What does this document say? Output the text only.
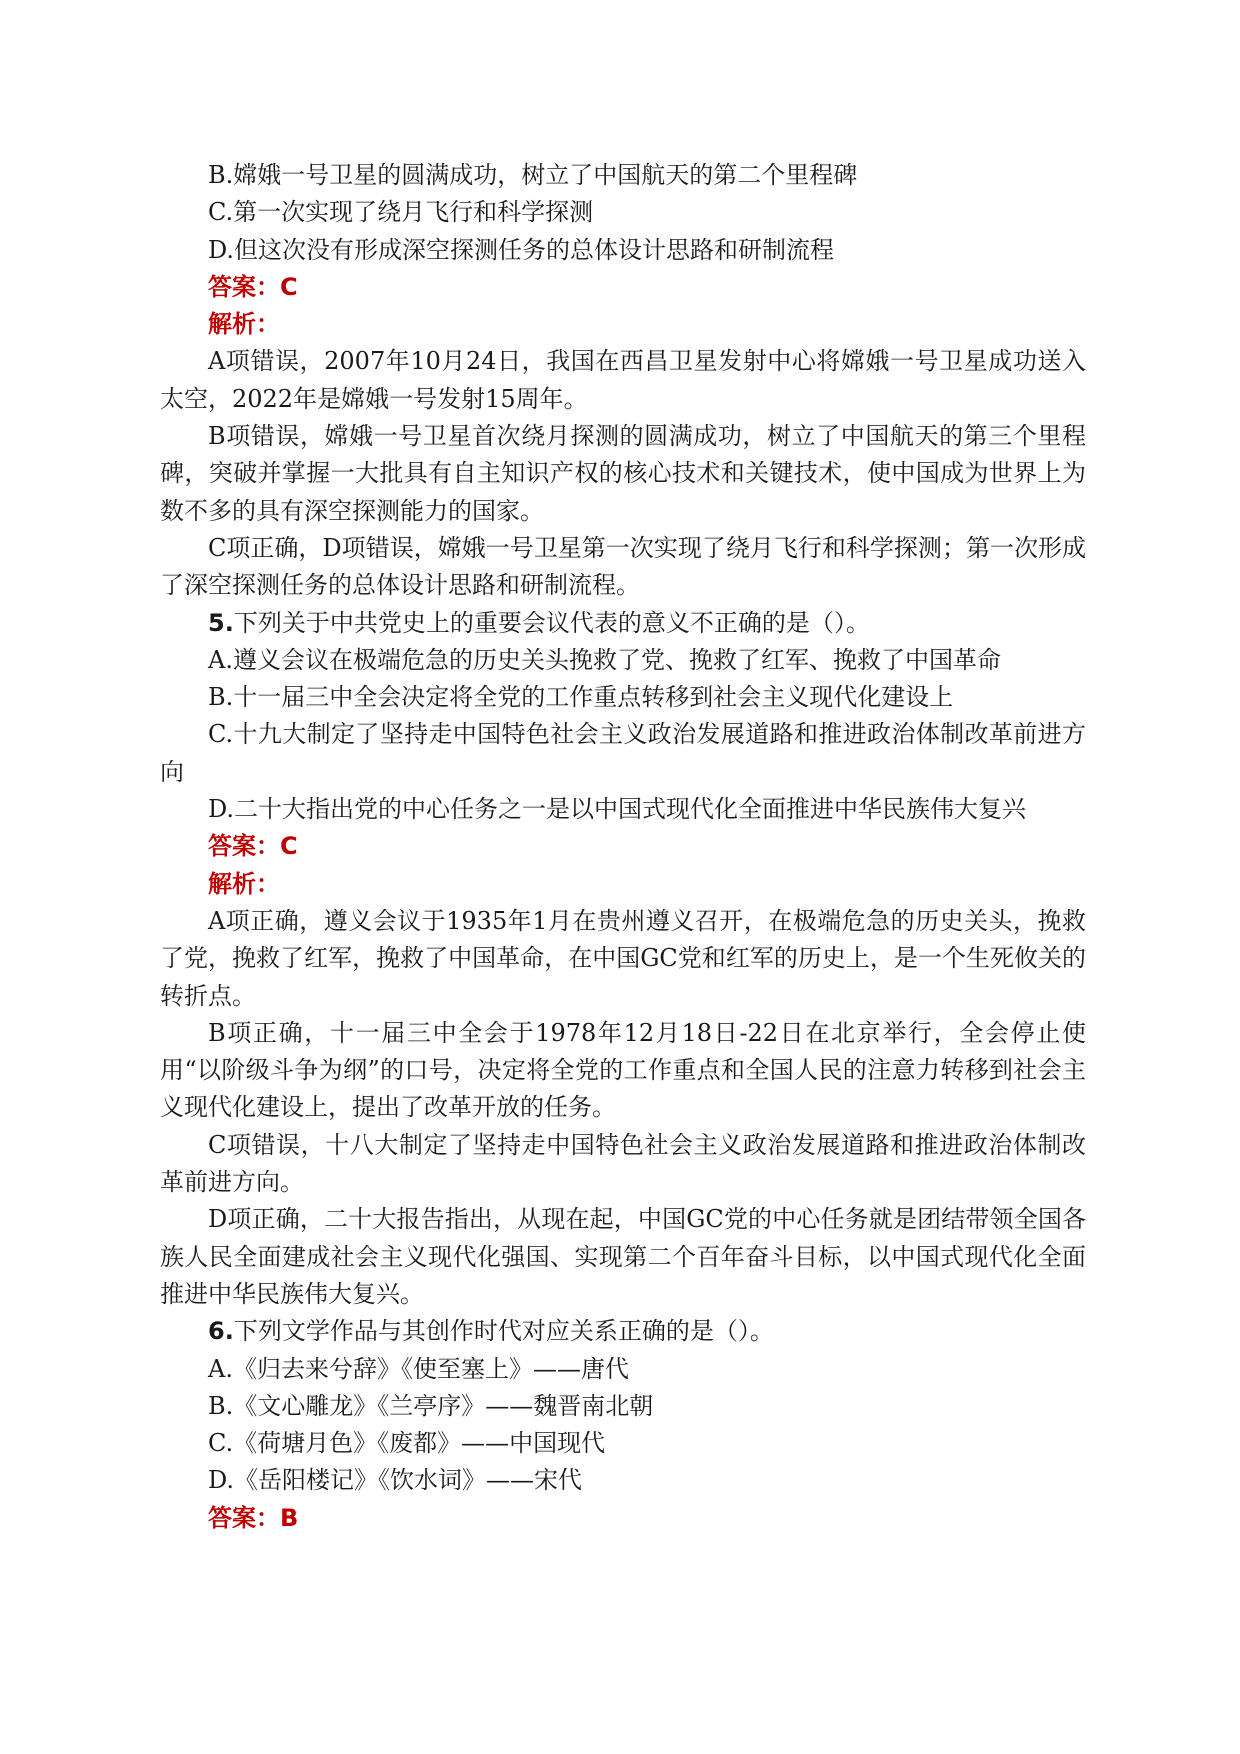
B.嫦娥一号卫星的圆满成功，树立了中国航天的第二个里程碑
C.第一次实现了绕月飞行和科学探测
D.但这次没有形成深空探测任务的总体设计思路和研制流程
答案：C
解析：
A项错误，2007年10月24日，我国在西昌卫星发射中心将嫦娥一号卫星成功送入太空，2022年是嫦娥一号发射15周年。
B项错误，嫦娥一号卫星首次绕月探测的圆满成功，树立了中国航天的第三个里程碑，突破并掌握一大批具有自主知识产权的核心技术和关键技术，使中国成为世界上为数不多的具有深空探测能力的国家。
C项正确，D项错误，嫦娥一号卫星第一次实现了绕月飞行和科学探测；第一次形成了深空探测任务的总体设计思路和研制流程。
5.下列关于中共党史上的重要会议代表的意义不正确的是（）。
A.遵义会议在极端危急的历史关头挽救了党、挽救了红军、挽救了中国革命
B.十一届三中全会决定将全党的工作重点转移到社会主义现代化建设上
C.十九大制定了坚持走中国特色社会主义政治发展道路和推进政治体制改革前进方向
D.二十大指出党的中心任务之一是以中国式现代化全面推进中华民族伟大复兴
答案：C
解析：
A项正确，遵义会议于1935年1月在贵州遵义召开，在极端危急的历史关头，挽救了党，挽救了红军，挽救了中国革命，在中国GC党和红军的历史上，是一个生死攸关的转折点。
B项正确，十一届三中全会于1978年12月18日-22日在北京举行，全会停止使用“以阶级斗争为纲”的口号，决定将全党的工作重点和全国人民的注意力转移到社会主义现代化建设上，提出了改革开放的任务。
C项错误，十八大制定了坚持走中国特色社会主义政治发展道路和推进政治体制改革前进方向。
D项正确，二十大报告指出，从现在起，中国GC党的中心任务就是团结带领全国各族人民全面建成社会主义现代化强国、实现第二个百年奋斗目标，以中国式现代化全面推进中华民族伟大复兴。
6.下列文学作品与其创作时代对应关系正确的是（）。
A.《归去来兮辞》《使至塞上》——唐代
B.《文心雕龙》《兰亭序》——魏晋南北朝
C.《荷塘月色》《废都》——中国现代
D.《岳阳楼记》《饮水词》——宋代
答案：B
